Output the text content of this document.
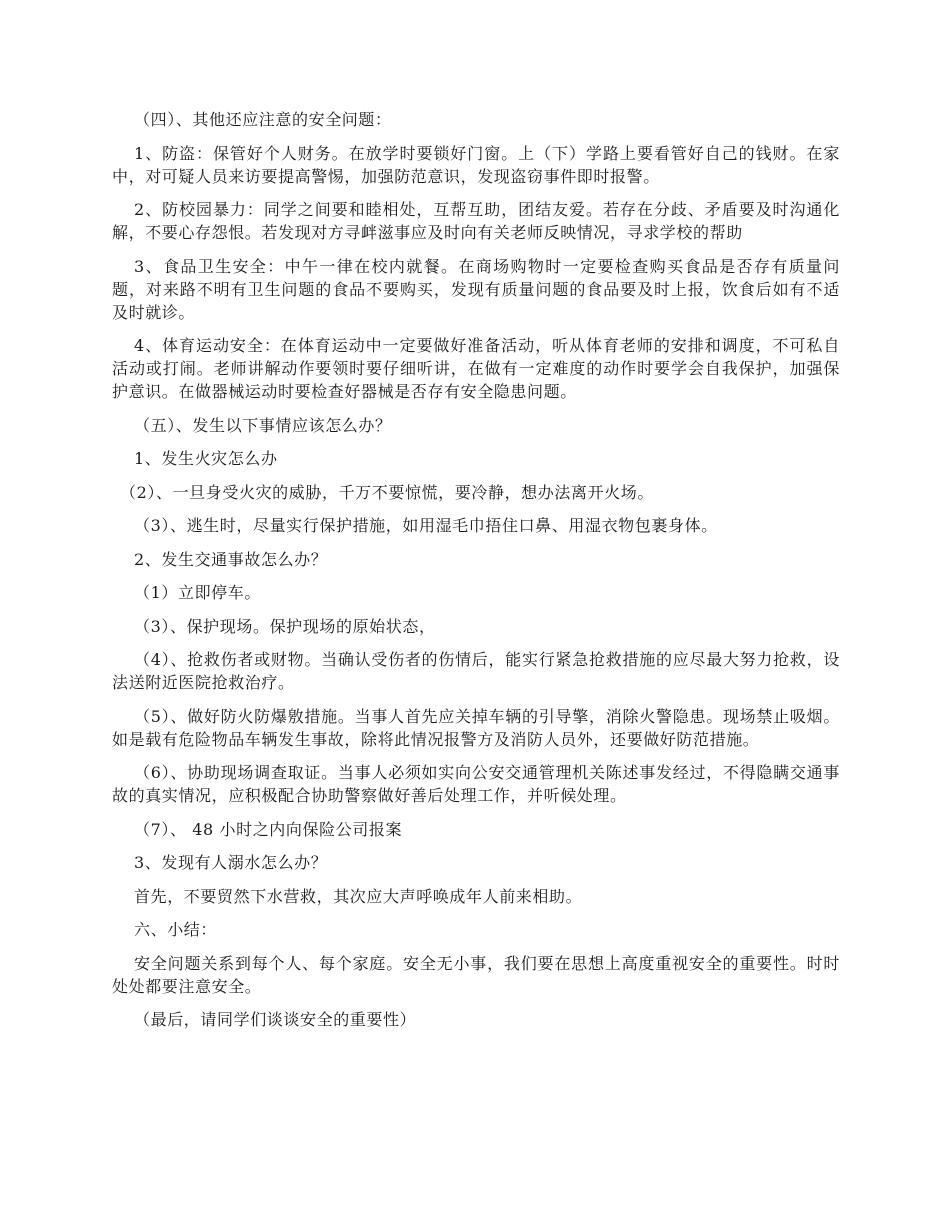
（四）、其他还应注意的安全问题：

1、防盗：保管好个人财务。在放学时要锁好门窗。上（下）学路上要看管好自己的钱财。在家中，对可疑人员来访要提高警惕，加强防范意识，发现盗窃事件即时报警。

2、防校园暴力：同学之间要和睦相处，互帮互助，团结友爱。若存在分歧、矛盾要及时沟通化解，不要心存怨恨。若发现对方寻衅滋事应及时向有关老师反映情况，寻求学校的帮助

3、食品卫生安全：中午一律在校内就餐。在商场购物时一定要检查购买食品是否存有质量问题，对来路不明有卫生问题的食品不要购买，发现有质量问题的食品要及时上报，饮食后如有不适及时就诊。

4、体育运动安全：在体育运动中一定要做好准备活动，听从体育老师的安排和调度，不可私自活动或打闹。老师讲解动作要领时要仔细听讲，在做有一定难度的动作时要学会自我保护，加强保护意识。在做器械运动时要检查好器械是否存有安全隐患问题。

（五）、发生以下事情应该怎么办？

1、发生火灾怎么办

（2）、一旦身受火灾的威胁，千万不要惊慌，要冷静，想办法离开火场。

（3）、逃生时，尽量实行保护措施，如用湿毛巾捂住口鼻、用湿衣物包裹身体。

2、发生交通事故怎么办？

（1）立即停车。

（3）、保护现场。保护现场的原始状态，

（4）、抢救伤者或财物。当确认受伤者的伤情后，能实行紧急抢救措施的应尽最大努力抢救，设法送附近医院抢救治疗。

（5）、做好防火防爆敫措施。当事人首先应关掉车辆的引导擎，消除火警隐患。现场禁止吸烟。如是载有危险物品车辆发生事故，除将此情况报警方及消防人员外，还要做好防范措施。

（6）、协助现场调查取证。当事人必须如实向公安交通管理机关陈述事发经过，不得隐瞒交通事故的真实情况，应积极配合协助警察做好善后处理工作，并听候处理。

（7）、 48 小时之内向保险公司报案

3、发现有人溺水怎么办？

首先，不要贸然下水营救，其次应大声呼唤成年人前来相助。

六、小结：

安全问题关系到每个人、每个家庭。安全无小事，我们要在思想上高度重视安全的重要性。时时处处都要注意安全。

（最后，请同学们谈谈安全的重要性）
